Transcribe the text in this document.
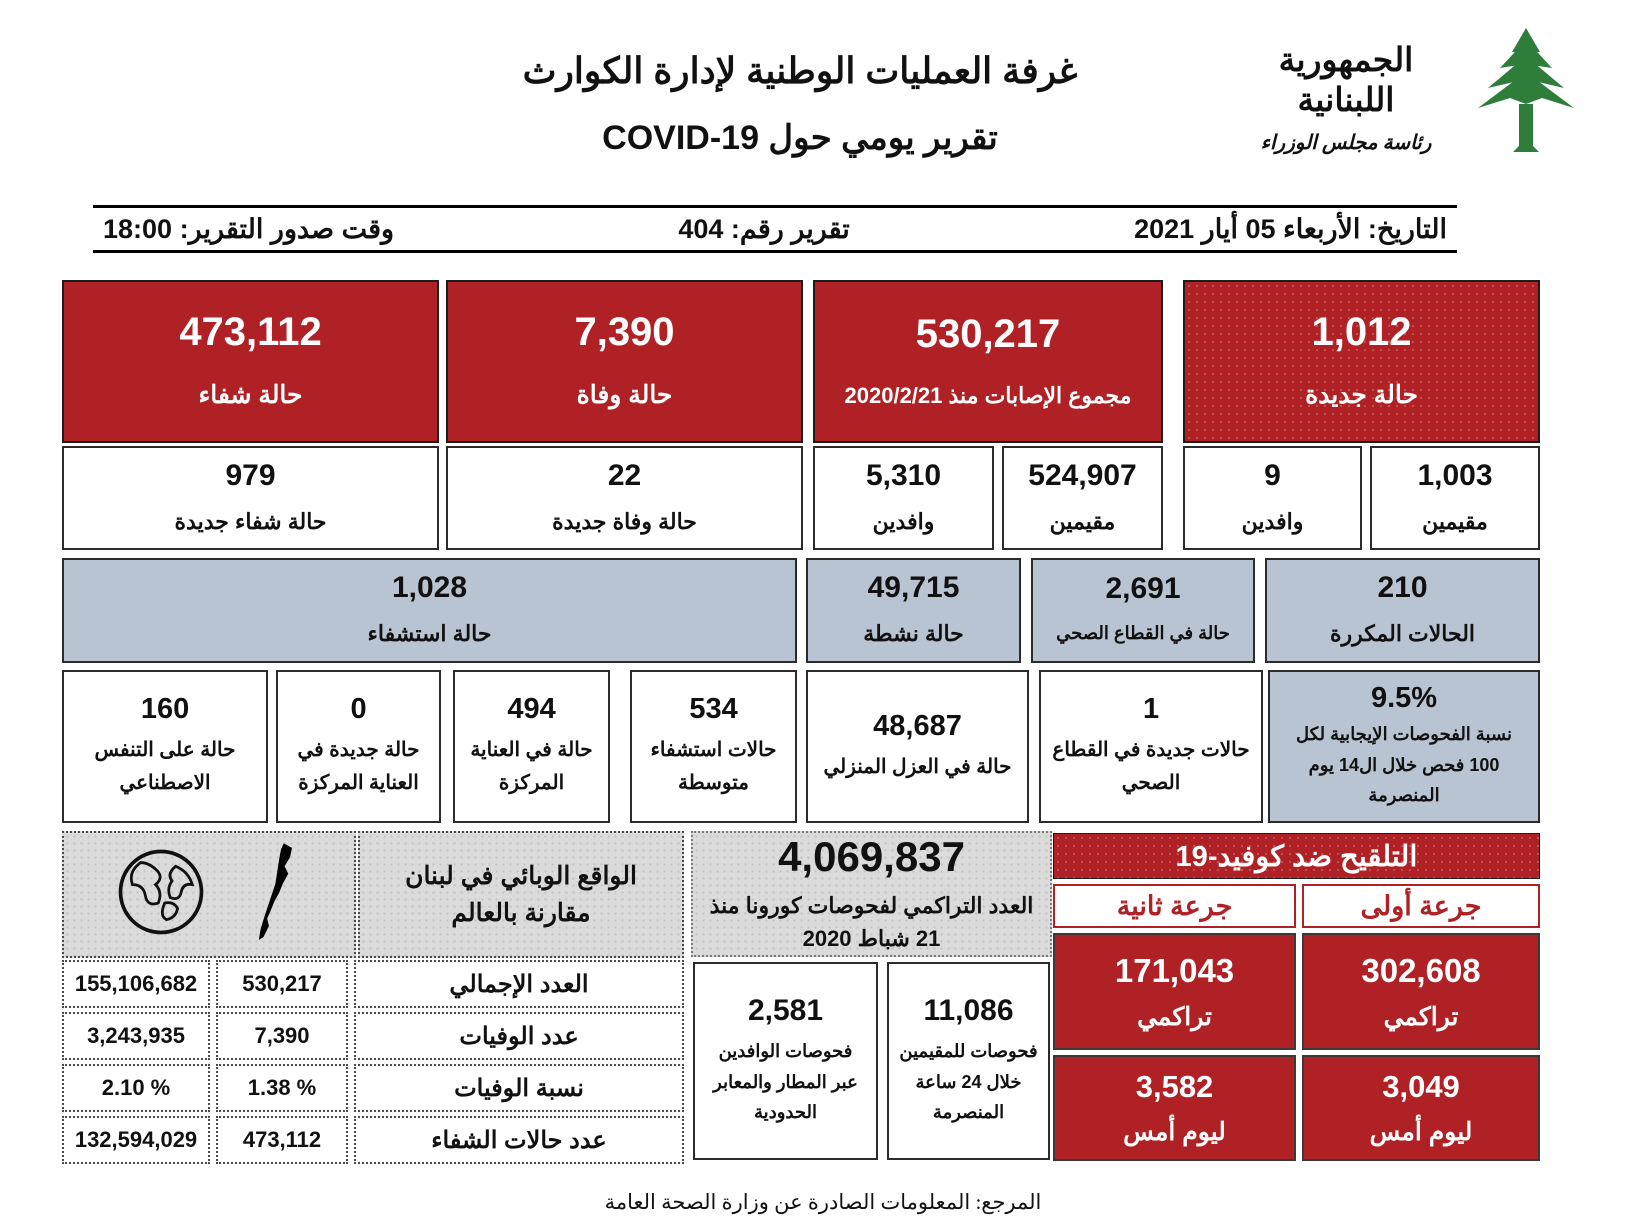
الجمهورية اللبنانية
رئاسة مجلس الوزراء
غرفة العمليات الوطنية لإدارة الكوارث
تقرير يومي حول COVID-19
التاريخ: الأربعاء 05 أيار 2021
تقرير رقم: 404
وقت صدور التقرير: 18:00
1,012
حالة جديدة
530,217
مجموع الإصابات منذ 2020/2/21
7,390
حالة وفاة
473,112
حالة شفاء
1,003
مقيمين
9
وافدين
524,907
مقيمين
5,310
وافدين
22
حالة وفاة جديدة
979
حالة شفاء جديدة
210
الحالات المكررة
2,691
حالة في القطاع الصحي
49,715
حالة نشطة
1,028
حالة استشفاء
9.5%
نسبة الفحوصات الإيجابية لكل 100 فحص خلال ال14 يوم المنصرمة
1
حالات جديدة في القطاع الصحي
48,687
حالة في العزل المنزلي
534
حالات استشفاء متوسطة
494
حالة في العناية المركزة
0
حالة جديدة في العناية المركزة
160
حالة على التنفس الاصطناعي
الواقع الوبائي في لبنان مقارنة بالعالم
العدد الإجمالي
530,217
155,106,682
عدد الوفيات
7,390
3,243,935
نسبة الوفيات
1.38 %
2.10 %
عدد حالات الشفاء
473,112
132,594,029
4,069,837
العدد التراكمي لفحوصات كورونا منذ 21 شباط 2020
2,581
فحوصات الوافدين عبر المطار والمعابر الحدودية
11,086
فحوصات للمقيمين خلال 24 ساعة المنصرمة
التلقيح ضد كوفيد-19
جرعة أولى
جرعة ثانية
302,608
تراكمي
171,043
تراكمي
3,049
ليوم أمس
3,582
ليوم أمس
المرجع: المعلومات الصادرة عن وزارة الصحة العامة
